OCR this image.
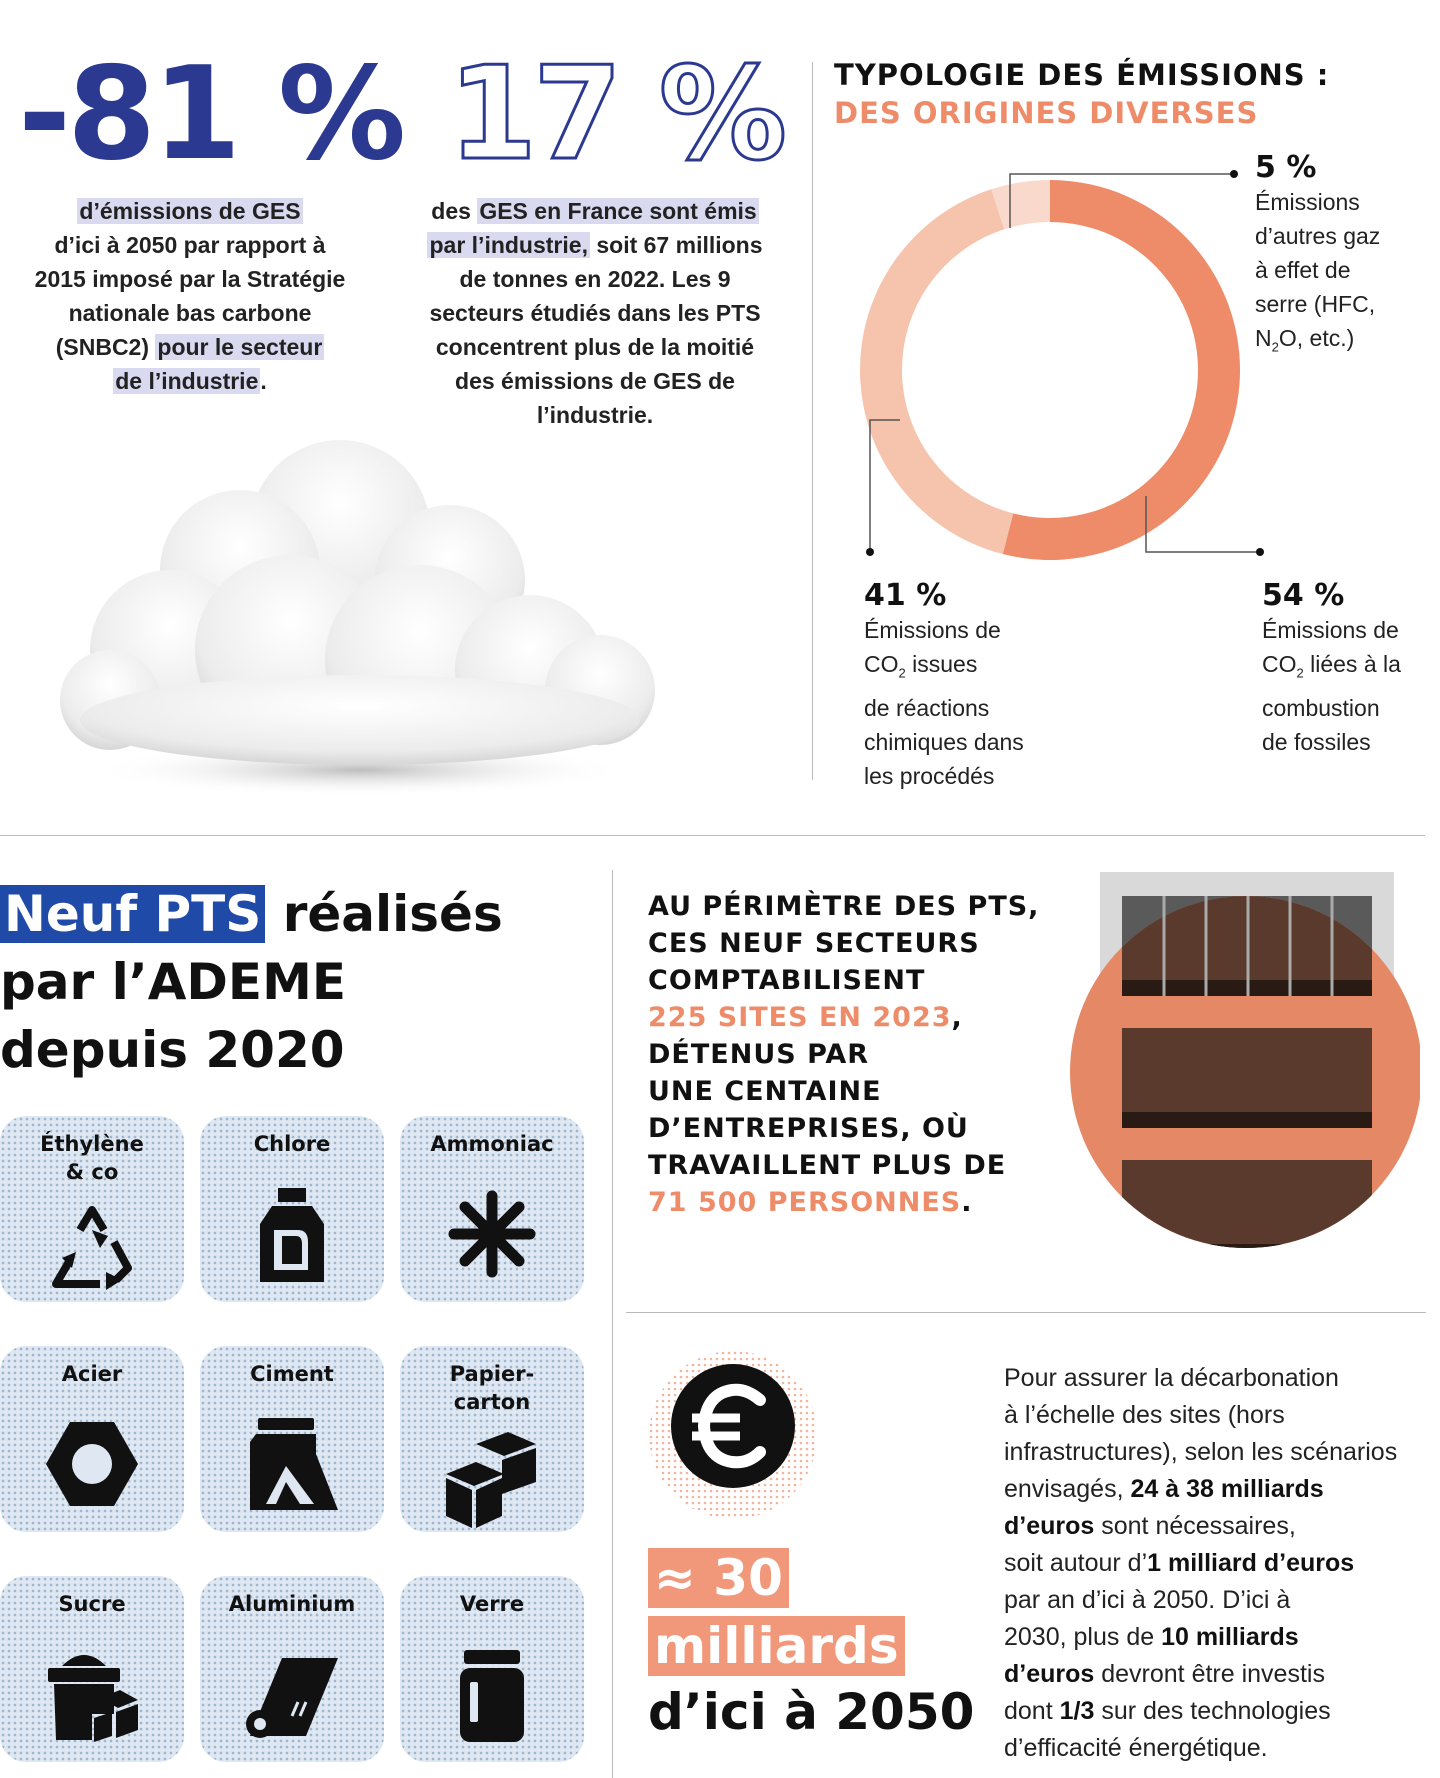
-81 %
d’émissions de GES
d’ici à 2050 par rapport à
2015 imposé par la Stratégie
nationale bas carbone
(SNBC2) pour le secteur
de l’industrie.
17 %
des GES en France sont émis
par l’industrie, soit 67 millions
de tonnes en 2022. Les 9
secteurs étudiés dans les PTS
concentrent plus de la moitié
des émissions de GES de
l’industrie.
TYPOLOGIE DES ÉMISSIONS :
DES ORIGINES DIVERSES
5 %
Émissions
d’autres gaz
à effet de
serre (HFC,
$N_2O$, etc.)
41 %
Émissions de
$CO_2$ issues
de réactions
chimiques dans
les procédés
54 %
Émissions de
$CO_2$ liées à la
combustion
de fossiles
Neuf PTS réalisés
par l’ADEME
depuis 2020
Éthylène
& co
Chlore	Ammoniac
Acier	Ciment	Papier-
carton
Sucre	Aluminium	Verre
AU PÉRIMÈTRE DES PTS,
CES NEUF SECTEURS
COMPTABILISENT
225 SITES EN 2023,
DÉTENUS PAR
UNE CENTAINE
D’ENTREPRISES, OÙ
TRAVAILLENT PLUS DE
71 500 PERSONNES.
≈ 30
milliards
d’ici à 2050
Pour assurer la décarbonation
à l’échelle des sites (hors
infrastructures), selon les scénarios
envisagés, 24 à 38 milliards
d’euros sont nécessaires,
soit autour d’1 milliard d’euros
par an d’ici à 2050. D’ici à
2030, plus de 10 milliards
d’euros devront être investis
dont 1/3 sur des technologies
d’efficacité énergétique.
